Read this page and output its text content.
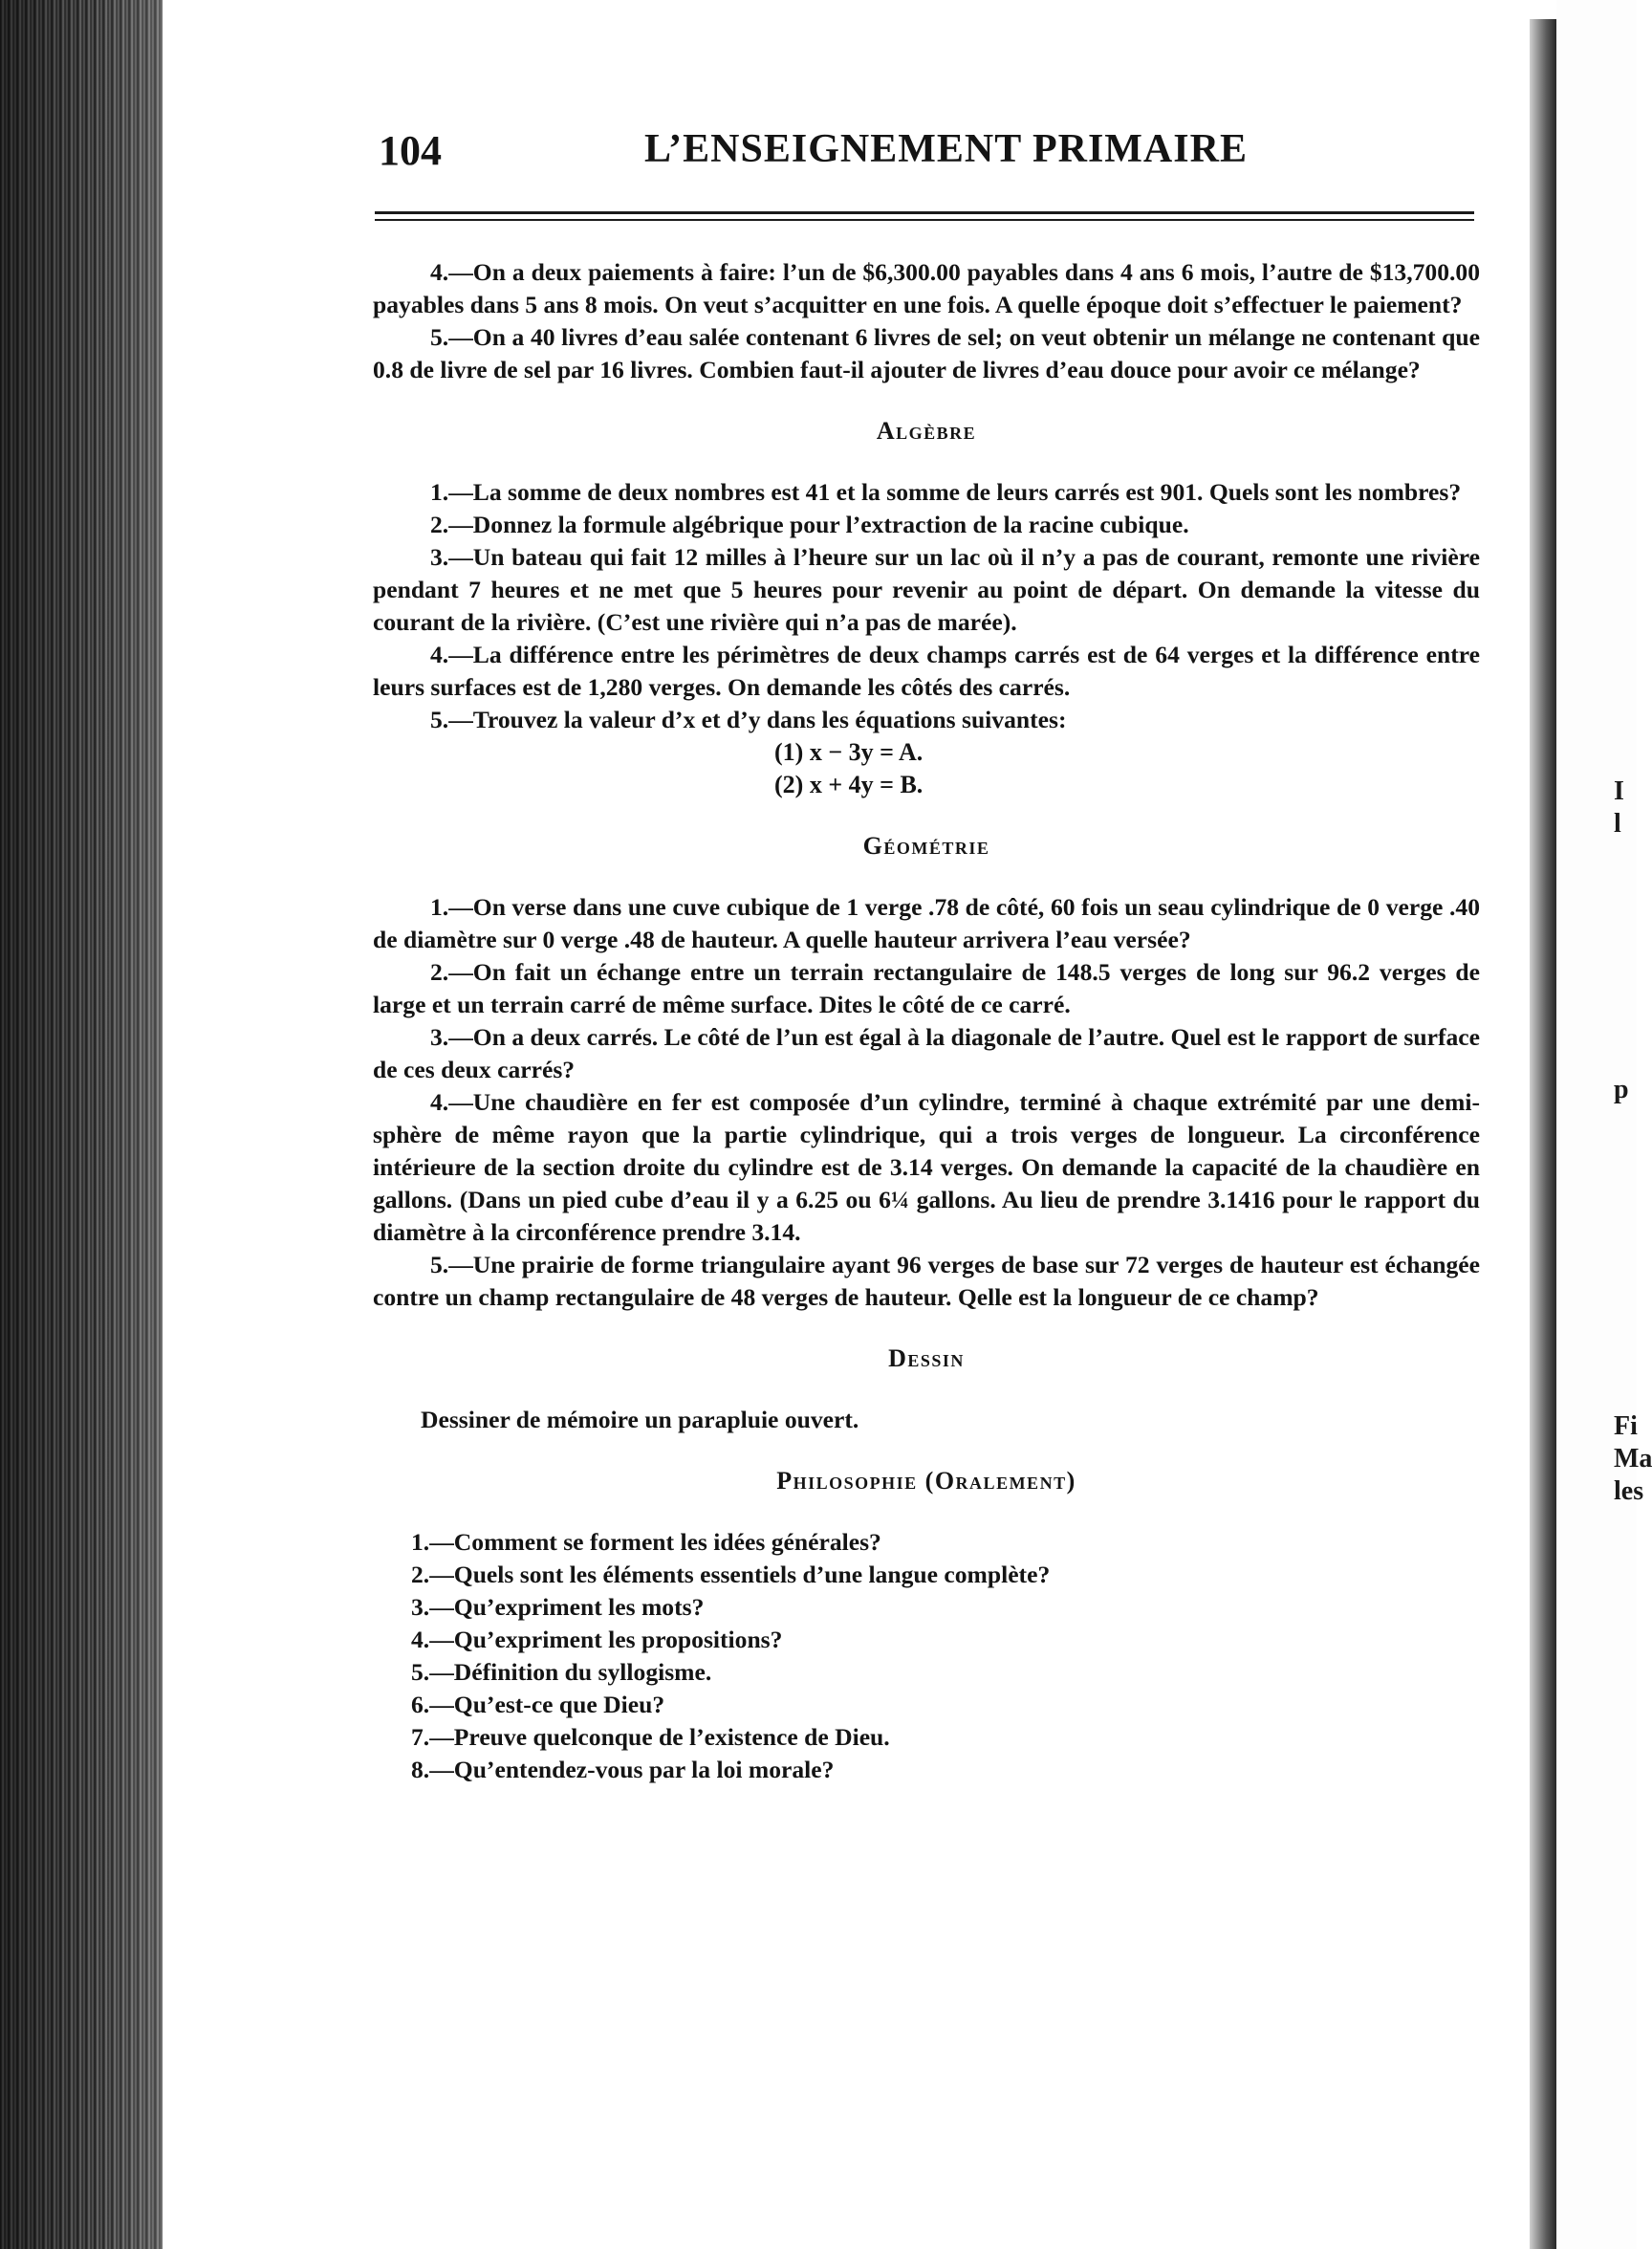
I
l
p
Fi
Ma
les
104	L’ENSEIGNEMENT PRIMAIRE

4.—On a deux paiements à faire: l’un de $6,300.00 payables dans 4 ans 6 mois, l’autre de $13,700.00 payables dans 5 ans 8 mois. On veut s’acquitter en une fois. A quelle époque doit s’effectuer le paiement?

5.—On a 40 livres d’eau salée contenant 6 livres de sel; on veut obtenir un mélange ne contenant que 0.8 de livre de sel par 16 livres. Combien faut-il ajouter de livres d’eau douce pour avoir ce mélange?

Algèbre

1.—La somme de deux nombres est 41 et la somme de leurs carrés est 901. Quels sont les nombres?

2.—Donnez la formule algébrique pour l’extraction de la racine cubique.

3.—Un bateau qui fait 12 milles à l’heure sur un lac où il n’y a pas de courant, remonte une rivière pendant 7 heures et ne met que 5 heures pour revenir au point de départ. On demande la vitesse du courant de la rivière. (C’est une rivière qui n’a pas de marée).

4.—La différence entre les périmètres de deux champs carrés est de 64 verges et la différence entre leurs surfaces est de 1,280 verges. On demande les côtés des carrés.

5.—Trouvez la valeur d’x et d’y dans les équations suivantes:

(1) x − 3y = A.
(2) x + 4y = B.
Géométrie

1.—On verse dans une cuve cubique de 1 verge .78 de côté, 60 fois un seau cylindrique de 0 verge .40 de diamètre sur 0 verge .48 de hauteur. A quelle hauteur arrivera l’eau versée?

2.—On fait un échange entre un terrain rectangulaire de 148.5 verges de long sur 96.2 verges de large et un terrain carré de même surface. Dites le côté de ce carré.

3.—On a deux carrés. Le côté de l’un est égal à la diagonale de l’autre. Quel est le rapport de surface de ces deux carrés?

4.—Une chaudière en fer est composée d’un cylindre, terminé à chaque extrémité par une demi-sphère de même rayon que la partie cylindrique, qui a trois verges de longueur. La circonférence intérieure de la section droite du cylindre est de 3.14 verges. On demande la capacité de la chaudière en gallons. (Dans un pied cube d’eau il y a 6.25 ou 6¼ gallons. Au lieu de prendre 3.1416 pour le rapport du diamètre à la circonférence prendre 3.14.

5.—Une prairie de forme triangulaire ayant 96 verges de base sur 72 verges de hauteur est échangée contre un champ rectangulaire de 48 verges de hauteur. Qelle est la longueur de ce champ?

Dessin

Dessiner de mémoire un parapluie ouvert.

Philosophie (Oralement)

1.—Comment se forment les idées générales?

2.—Quels sont les éléments essentiels d’une langue complète?

3.—Qu’expriment les mots?

4.—Qu’expriment les propositions?

5.—Définition du syllogisme.

6.—Qu’est-ce que Dieu?

7.—Preuve quelconque de l’existence de Dieu.

8.—Qu’entendez-vous par la loi morale?
